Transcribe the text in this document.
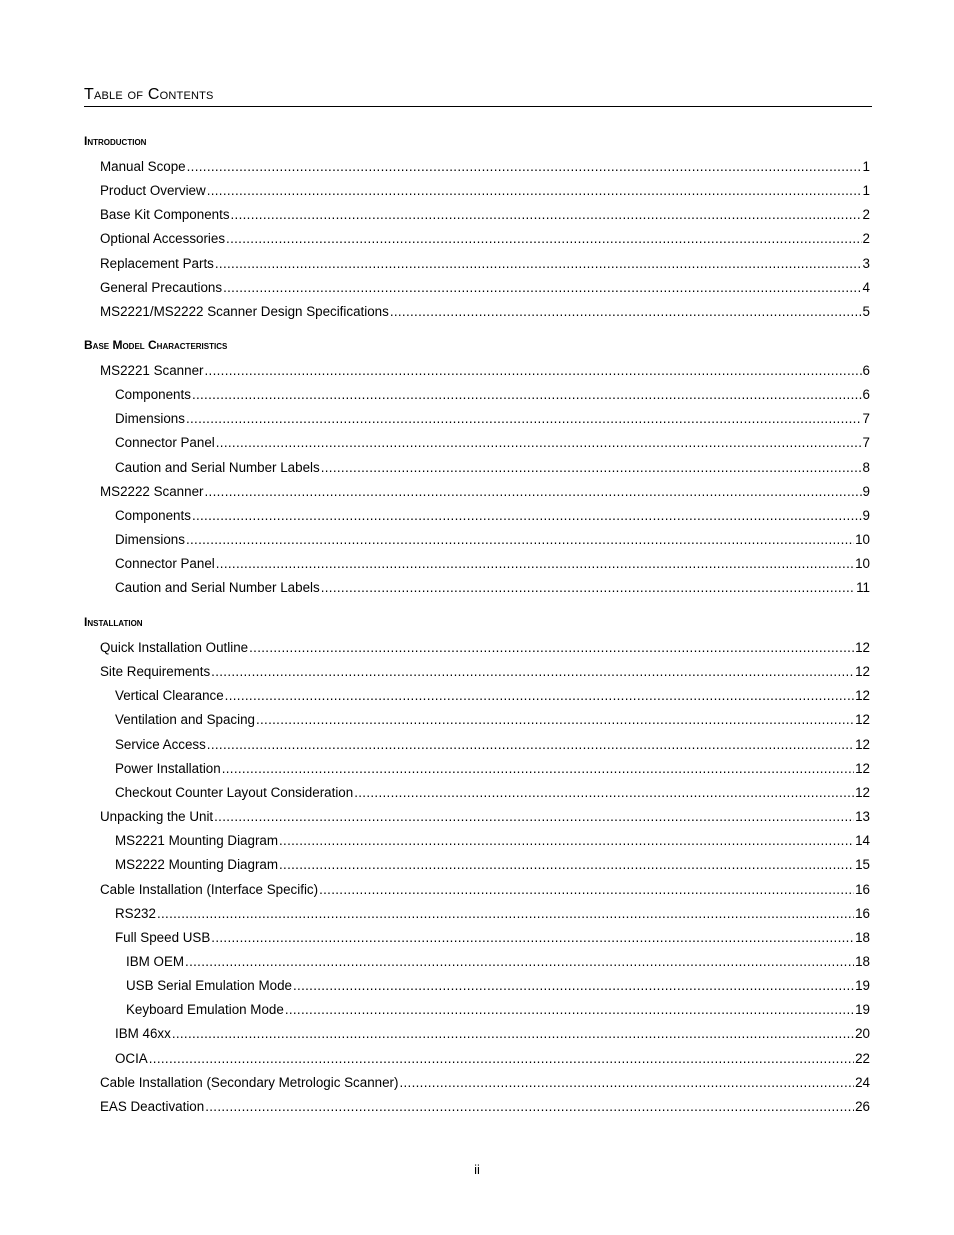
Table of Contents
Introduction
Manual Scope . . .	1
Product Overview . . .	1
Base Kit Components . . .	2
Optional Accessories . . .	2
Replacement Parts . . .	3
General Precautions . . .	4
MS2221/MS2222 Scanner Design Specifications . . .	5
Base Model Characteristics
MS2221 Scanner . . .	6
Components . . .	6
Dimensions . . .	7
Connector Panel . . .	7
Caution and Serial Number Labels . . .	8
MS2222 Scanner . . .	9
Components . . .	9
Dimensions . . .	10
Connector Panel . . .	10
Caution and Serial Number Labels . . .	11
Installation
Quick Installation Outline . . .	12
Site Requirements . . .	12
Vertical Clearance . . .	12
Ventilation and Spacing . . .	12
Service Access . . .	12
Power Installation . . .	12
Checkout Counter Layout Consideration . . .	12
Unpacking the Unit . . .	13
MS2221 Mounting Diagram . . .	14
MS2222 Mounting Diagram . . .	15
Cable Installation (Interface Specific) . . .	16
RS232 . . .	16
Full Speed USB . . .	18
IBM OEM . . .	18
USB Serial Emulation Mode . . .	19
Keyboard Emulation Mode . . .	19
IBM 46xx . . .	20
OCIA . . .	22
Cable Installation (Secondary Metrologic Scanner) . . .	24
EAS Deactivation . . .	26
ii
